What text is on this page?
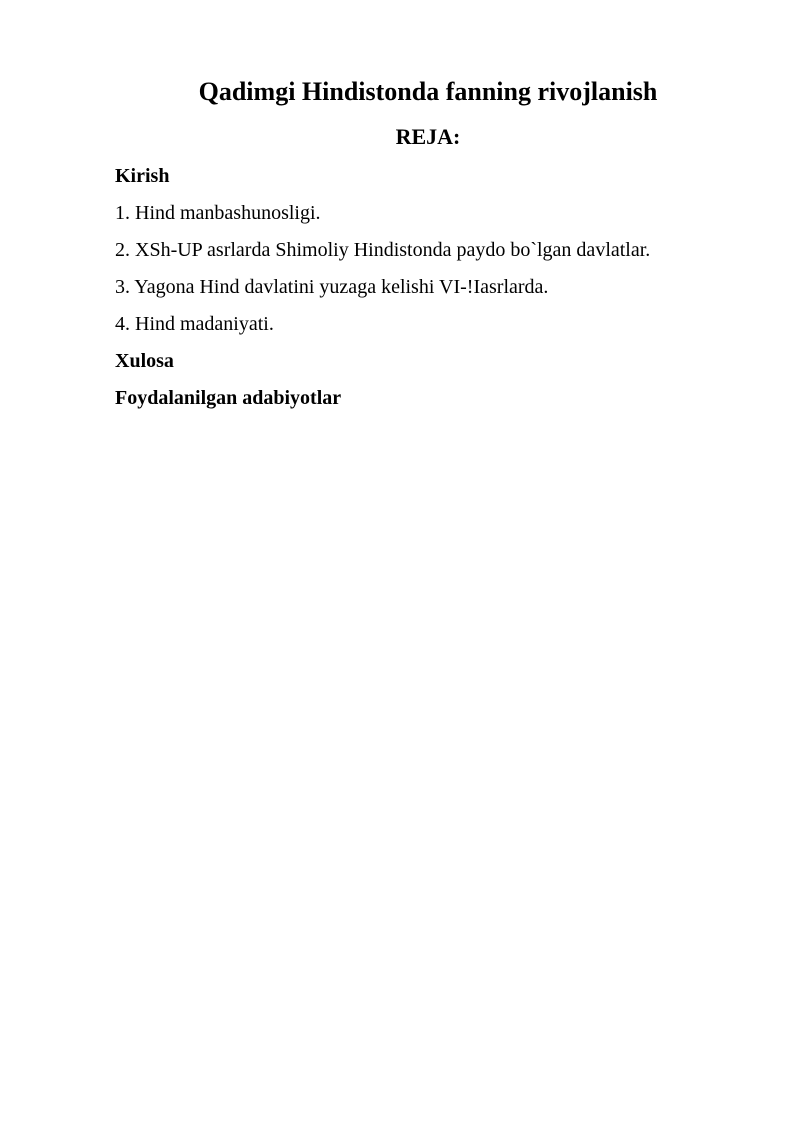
Qadimgi Hindistonda fanning rivojlanish
REJA:
Kirish
1. Hind manbashunosligi.
2. XSh-UP asrlarda Shimoliy Hindistonda paydo bo`lgan davlatlar.
3. Yagona Hind davlatini yuzaga kelishi VI-!Iasrlarda.
4. Hind madaniyati.
Xulosa
Foydalanilgan adabiyotlar
